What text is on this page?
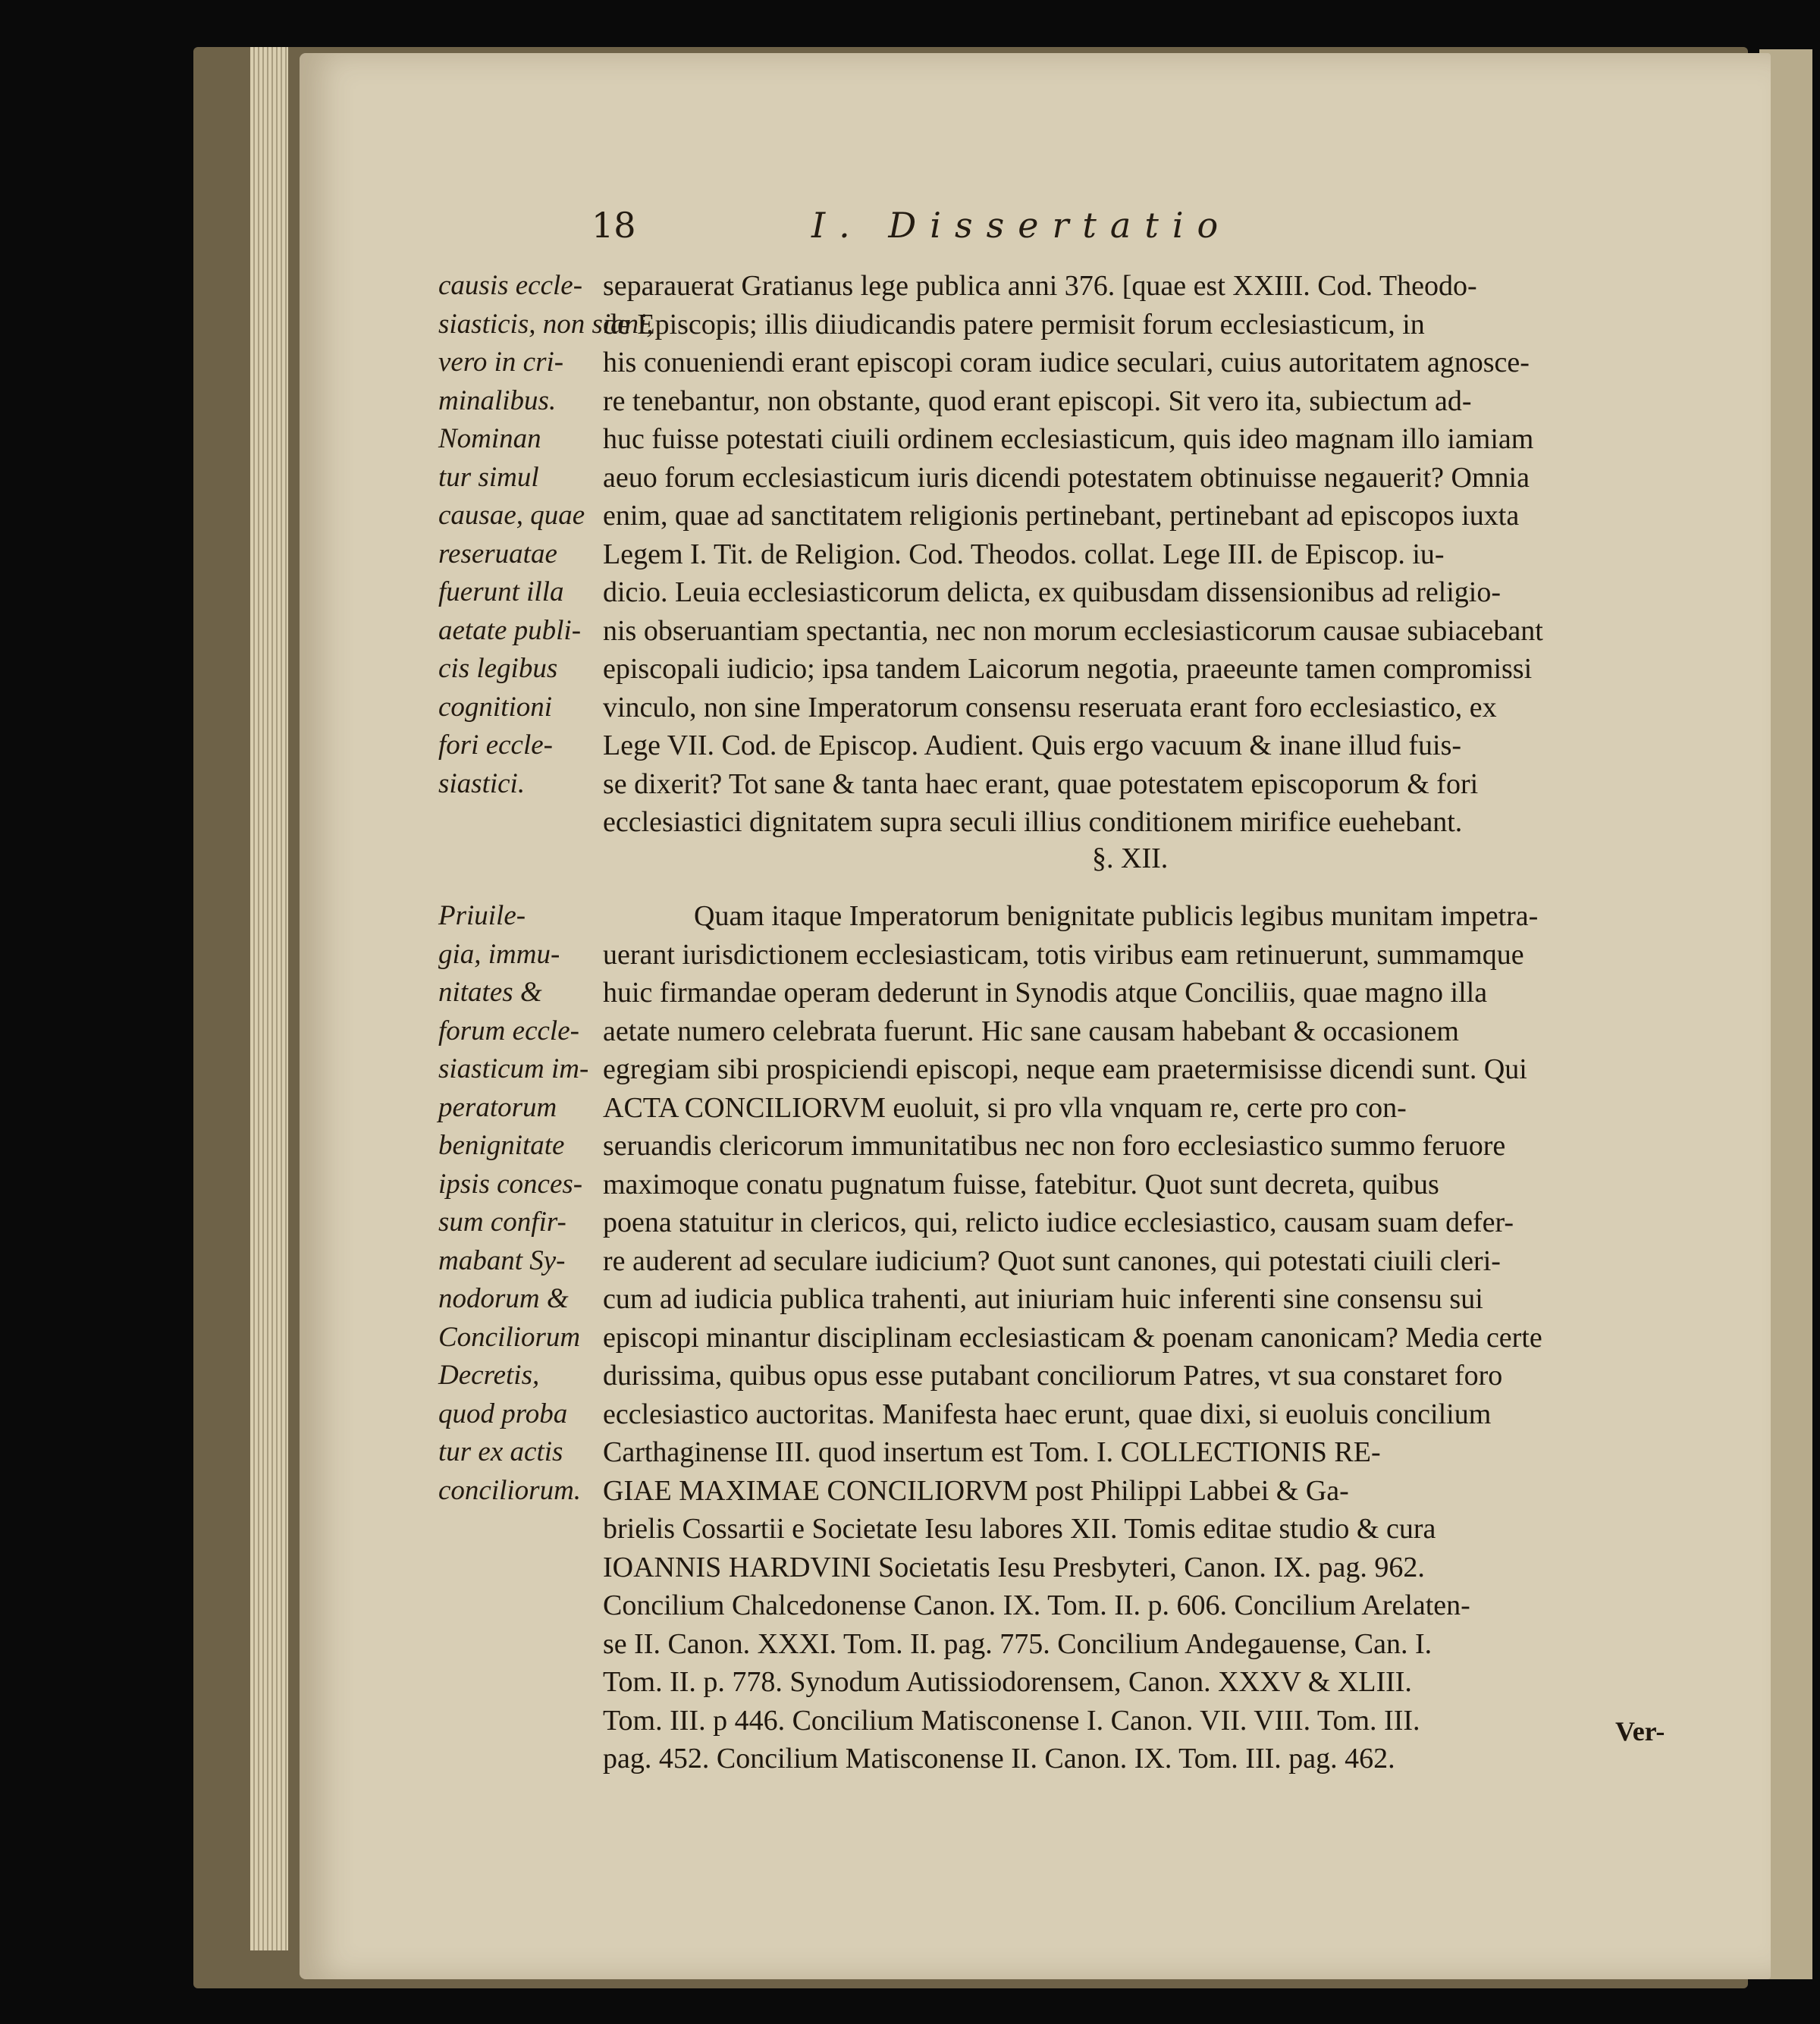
18	I. Dissertatio
causis eccle-
siasticis, non siani,
vero in cri-
minalibus.
Nominan
tur simul
causae, quae
reseruatae
fuerunt illa
aetate publi-
cis legibus
cognitioni
fori eccle-
siastici.
separauerat Gratianus lege publica anni 376. [quae est XXIII. Cod. Theodo-
de Episcopis; illis diiudicandis patere permisit forum ecclesiasticum, in
his conueniendi erant episcopi coram iudice seculari, cuius autoritatem agnosce-
re tenebantur, non obstante, quod erant episcopi. Sit vero ita, subiectum ad-
huc fuisse potestati ciuili ordinem ecclesiasticum, quis ideo magnam illo iamiam
aeuo forum ecclesiasticum iuris dicendi potestatem obtinuisse negauerit? Omnia
enim, quae ad sanctitatem religionis pertinebant, pertinebant ad episcopos iuxta
Legem I. Tit. de Religion. Cod. Theodos. collat. Lege III. de Episcop. iu-
dicio. Leuia ecclesiasticorum delicta, ex quibusdam dissensionibus ad religio-
nis obseruantiam spectantia, nec non morum ecclesiasticorum causae subiacebant
episcopali iudicio; ipsa tandem Laicorum negotia, praeeunte tamen compromissi
vinculo, non sine Imperatorum consensu reseruata erant foro ecclesiastico, ex
Lege VII. Cod. de Episcop. Audient. Quis ergo vacuum & inane illud fuis-
se dixerit? Tot sane & tanta haec erant, quae potestatem episcoporum & fori
ecclesiastici dignitatem supra seculi illius conditionem mirifice euehebant.
§. XII.
Priuile-
gia, immu-
nitates &
forum eccle-
siasticum im-
peratorum
benignitate
ipsis conces-
sum confir-
mabant Sy-
nodorum &
Conciliorum
Decretis,
quod proba
tur ex actis
conciliorum.
Quam itaque Imperatorum benignitate publicis legibus munitam impetra-
uerant iurisdictionem ecclesiasticam, totis viribus eam retinuerunt, summamque
huic firmandae operam dederunt in Synodis atque Conciliis, quae magno illa
aetate numero celebrata fuerunt. Hic sane causam habebant & occasionem
egregiam sibi prospiciendi episcopi, neque eam praetermisisse dicendi sunt. Qui
ACTA CONCILIORVM euoluit, si pro vlla vnquam re, certe pro con-
seruandis clericorum immunitatibus nec non foro ecclesiastico summo feruore
maximoque conatu pugnatum fuisse, fatebitur. Quot sunt decreta, quibus
poena statuitur in clericos, qui, relicto iudice ecclesiastico, causam suam defer-
re auderent ad seculare iudicium? Quot sunt canones, qui potestati ciuili cleri-
cum ad iudicia publica trahenti, aut iniuriam huic inferenti sine consensu sui
episcopi minantur disciplinam ecclesiasticam & poenam canonicam? Media certe
durissima, quibus opus esse putabant conciliorum Patres, vt sua constaret foro
ecclesiastico auctoritas. Manifesta haec erunt, quae dixi, si euoluis concilium
Carthaginense III. quod insertum est Tom. I. COLLECTIONIS RE-
GIAE MAXIMAE CONCILIORVM post Philippi Labbei & Ga-
brielis Cossartii e Societate Iesu labores XII. Tomis editae studio & cura
IOANNIS HARDVINI Societatis Iesu Presbyteri, Canon. IX. pag. 962.
Concilium Chalcedonense Canon. IX. Tom. II. p. 606. Concilium Arelaten-
se II. Canon. XXXI. Tom. II. pag. 775. Concilium Andegauense, Can. I.
Tom. II. p. 778. Synodum Autissiodorensem, Canon. XXXV & XLIII.
Tom. III. p 446. Concilium Matisconense I. Canon. VII. VIII. Tom. III.
pag. 452. Concilium Matisconense II. Canon. IX. Tom. III. pag. 462.
Ver-
